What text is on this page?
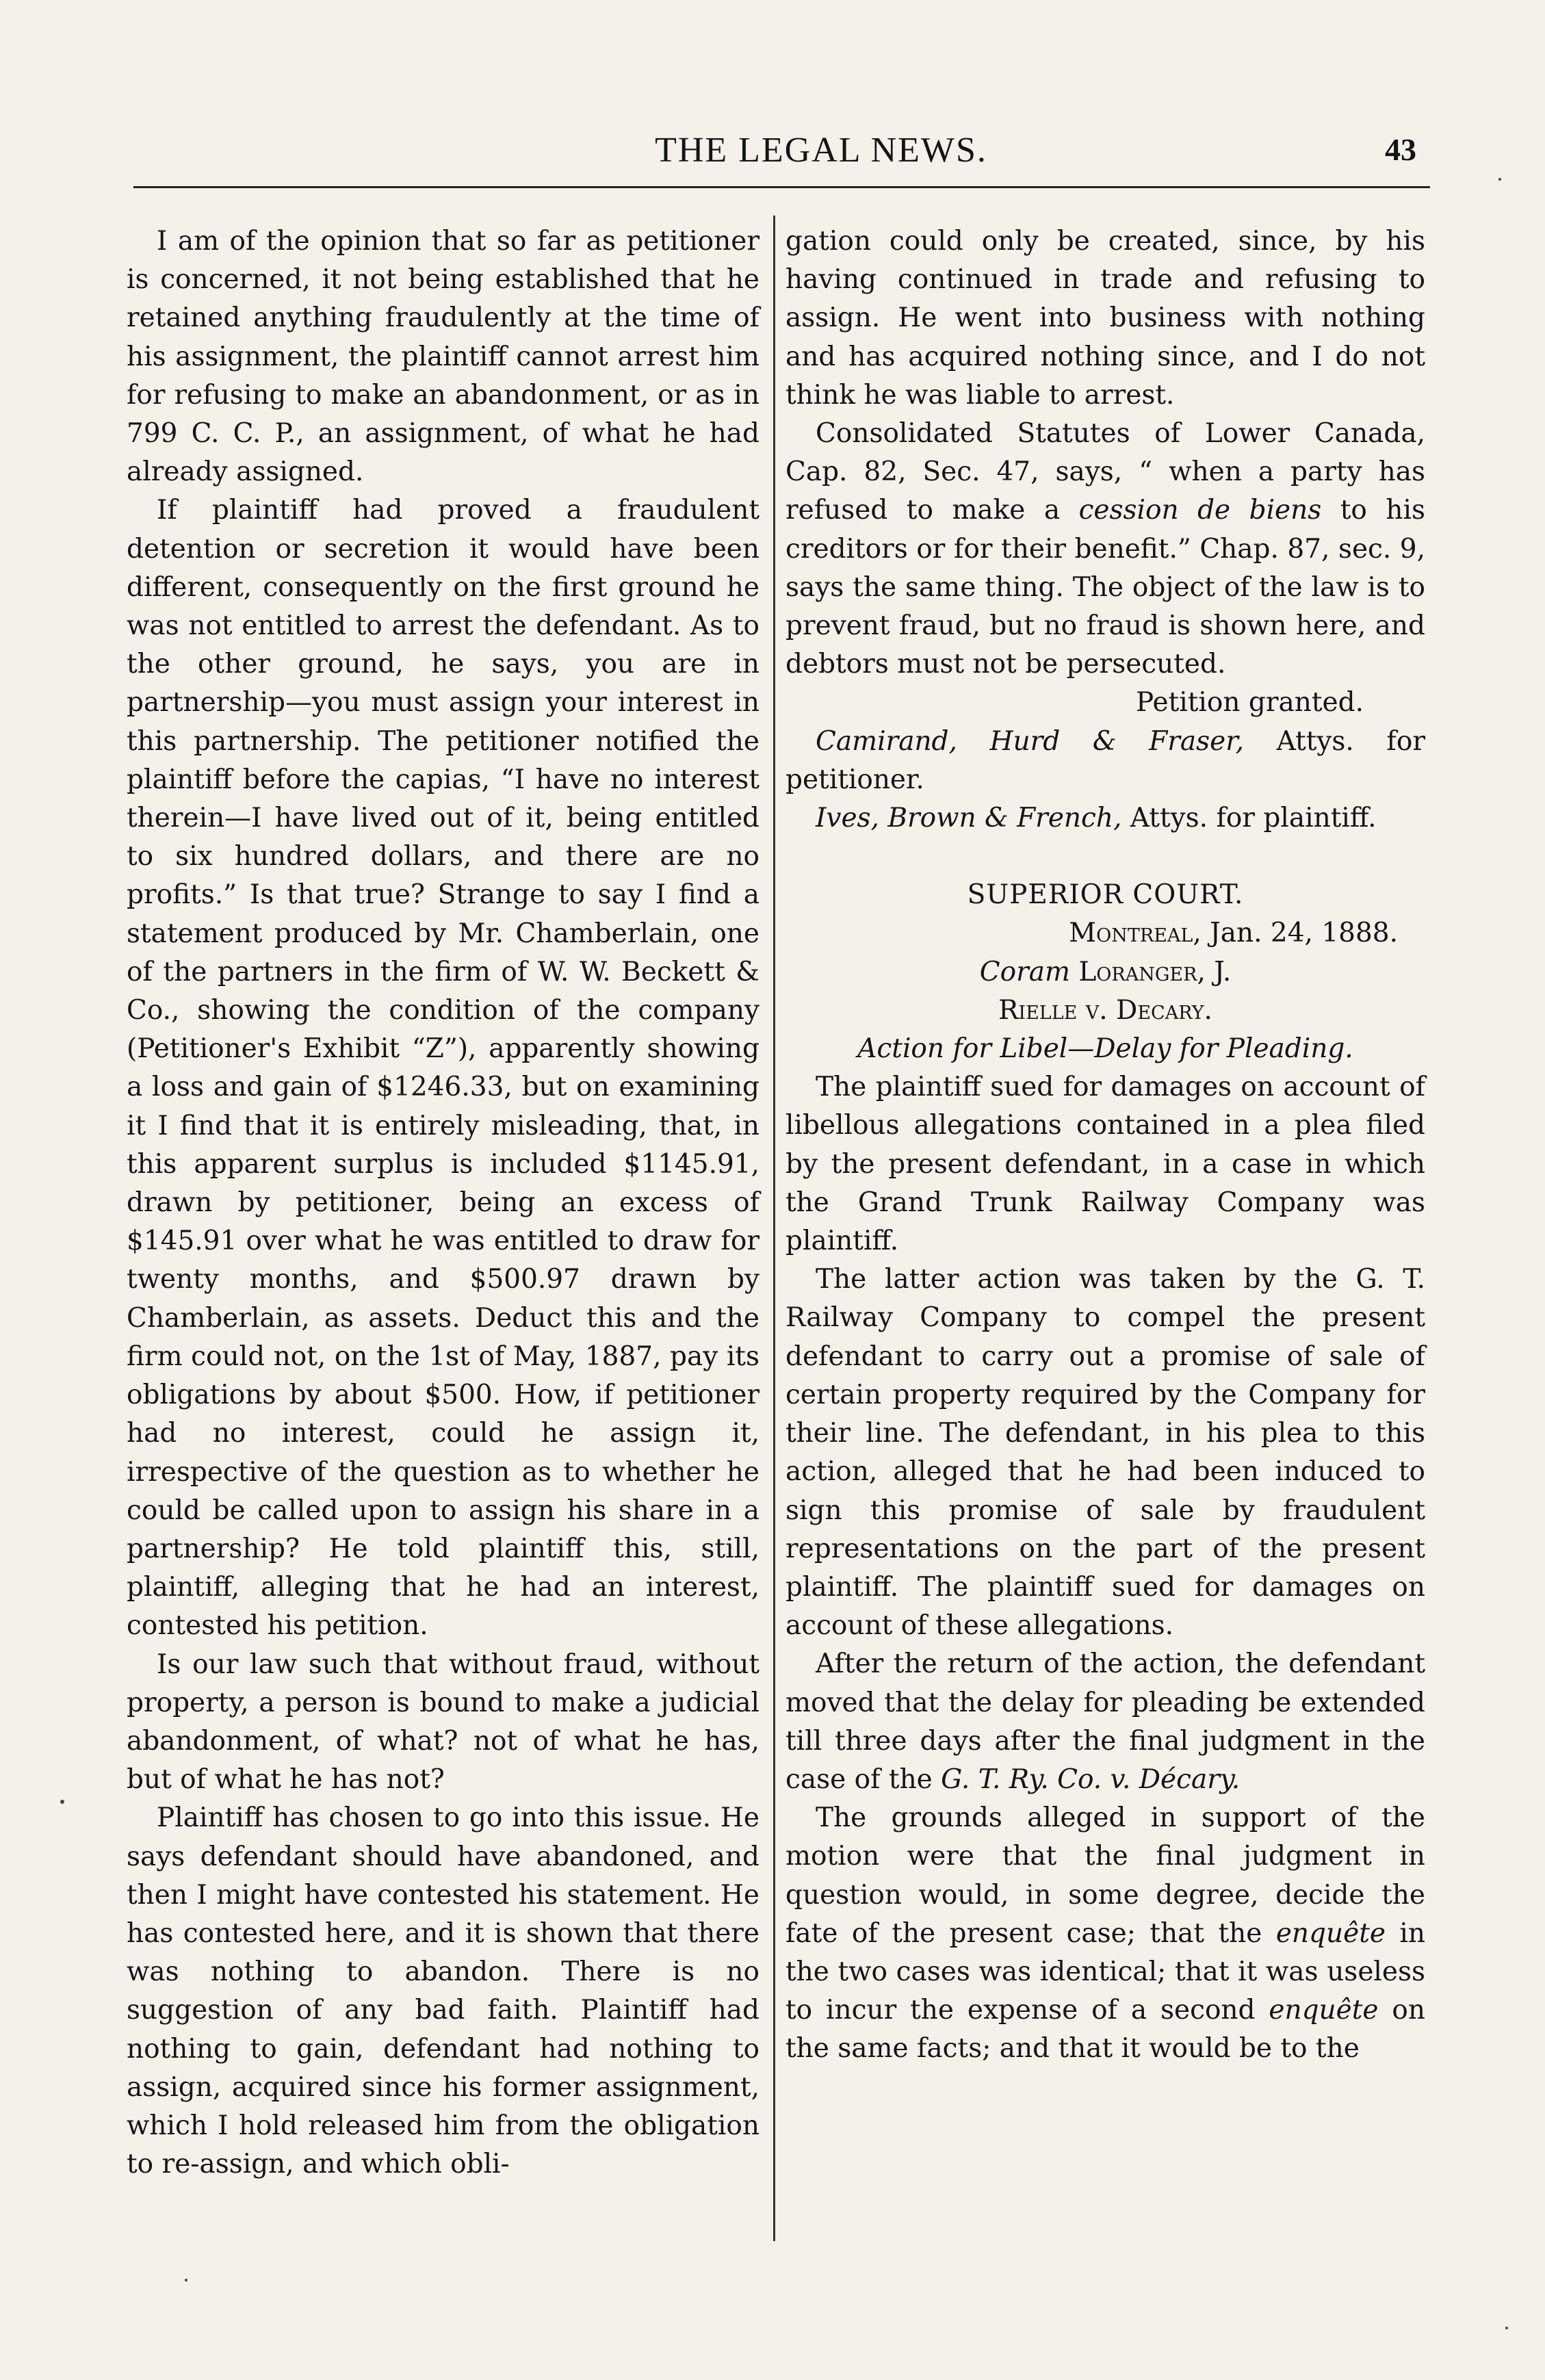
THE LEGAL NEWS.	43

I am of the opinion that so far as petitioner is concerned, it not being established that he retained anything fraudulently at the time of his assignment, the plaintiff cannot arrest him for refusing to make an abandonment, or as in 799 C. C. P., an assignment, of what he had already assigned.

If plaintiff had proved a fraudulent detention or secretion it would have been different, consequently on the first ground he was not entitled to arrest the defendant. As to the other ground, he says, you are in partnership—you must assign your interest in this partnership. The petitioner notified the plaintiff before the capias, “I have no interest therein—I have lived out of it, being entitled to six hundred dollars, and there are no profits.” Is that true? Strange to say I find a statement produced by Mr. Chamberlain, one of the partners in the firm of W. W. Beckett & Co., showing the condition of the company (Petitioner's Exhibit “Z”), apparently showing a loss and gain of $1246.33, but on examining it I find that it is entirely misleading, that, in this apparent surplus is included $1145.91, drawn by petitioner, being an excess of $145.91 over what he was entitled to draw for twenty months, and $500.97 drawn by Chamberlain, as assets. Deduct this and the firm could not, on the 1st of May, 1887, pay its obligations by about $500. How, if petitioner had no interest, could he assign it, irrespective of the question as to whether he could be called upon to assign his share in a partnership? He told plaintiff this, still, plaintiff, alleging that he had an interest, contested his petition.

Is our law such that without fraud, without property, a person is bound to make a judicial abandonment, of what? not of what he has, but of what he has not?

Plaintiff has chosen to go into this issue. He says defendant should have abandoned, and then I might have contested his statement. He has contested here, and it is shown that there was nothing to abandon. There is no suggestion of any bad faith. Plaintiff had nothing to gain, defendant had nothing to assign, acquired since his former assignment, which I hold released him from the obligation to re-assign, and which obli-

gation could only be created, since, by his having continued in trade and refusing to assign. He went into business with nothing and has acquired nothing since, and I do not think he was liable to arrest.

Consolidated Statutes of Lower Canada, Cap. 82, Sec. 47, says, “ when a party has refused to make a cession de biens to his creditors or for their benefit.” Chap. 87, sec. 9, says the same thing. The object of the law is to prevent fraud, but no fraud is shown here, and debtors must not be persecuted.

Petition granted.

Camirand, Hurd & Fraser, Attys. for petitioner.

Ives, Brown & French, Attys. for plaintiff.

SUPERIOR COURT.

Montreal, Jan. 24, 1888.

Coram Loranger, J.

Rielle v. Decary.

Action for Libel—Delay for Pleading.

The plaintiff sued for damages on account of libellous allegations contained in a plea filed by the present defendant, in a case in which the Grand Trunk Railway Company was plaintiff.

The latter action was taken by the G. T. Railway Company to compel the present defendant to carry out a promise of sale of certain property required by the Company for their line. The defendant, in his plea to this action, alleged that he had been induced to sign this promise of sale by fraudulent representations on the part of the present plaintiff. The plaintiff sued for damages on account of these allegations.

After the return of the action, the defendant moved that the delay for pleading be extended till three days after the final judgment in the case of the G. T. Ry. Co. v. Décary.

The grounds alleged in support of the motion were that the final judgment in question would, in some degree, decide the fate of the present case; that the enquête in the two cases was identical; that it was useless to incur the expense of a second enquête on the same facts; and that it would be to the
